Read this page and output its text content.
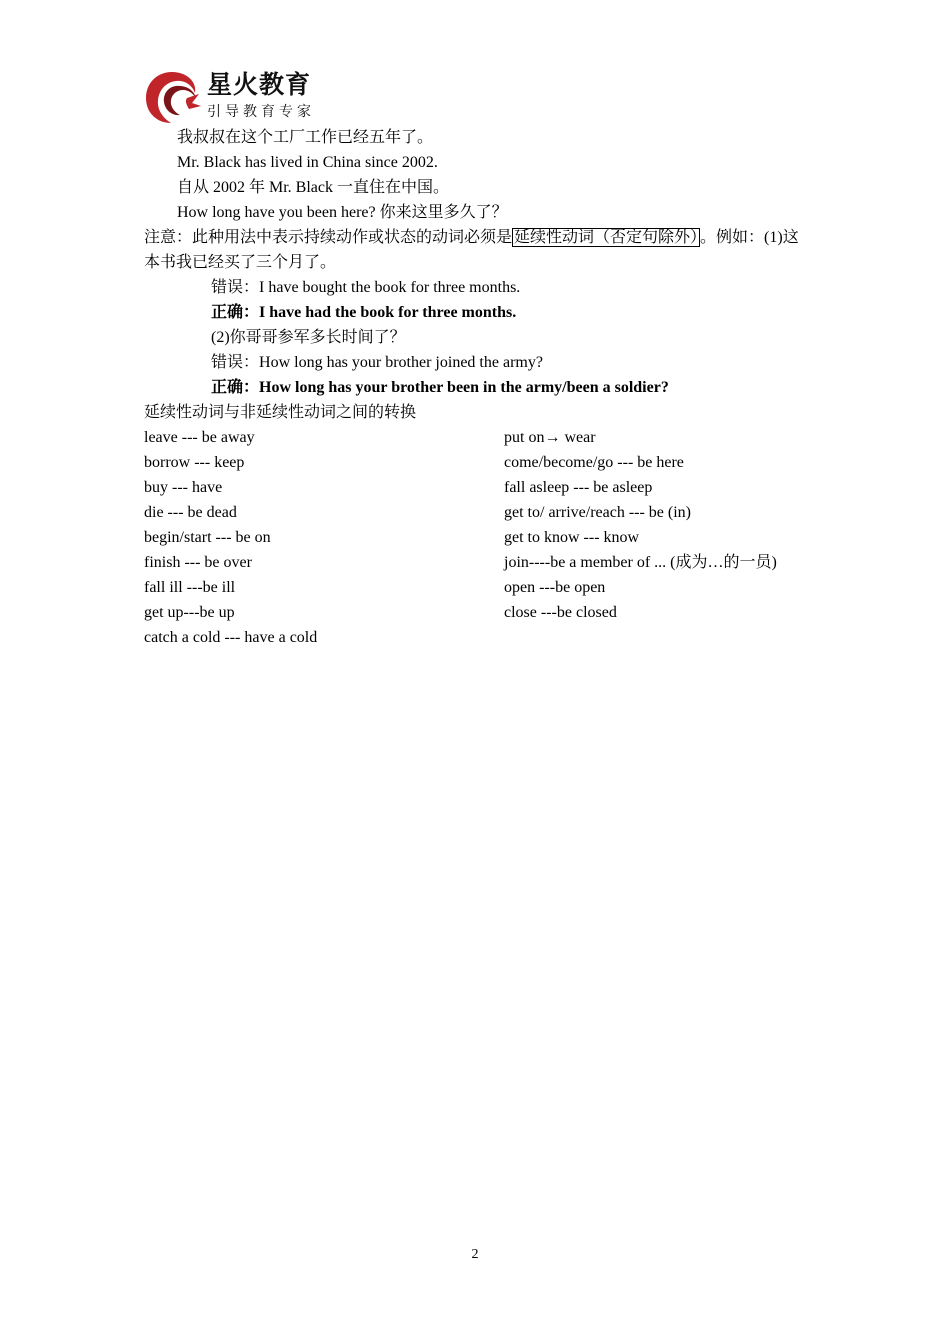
星火教育
引导教育专家
我叔叔在这个工厂工作已经五年了。
Mr. Black has lived in China since 2002.
自从 2002 年 Mr. Black 一直住在中国。
How long have you been here? 你来这里多久了？
注意：此种用法中表示持续动作或状态的动词必须是 延续性动词（否定句除外） 。例如：(1)这
本书我已经买了三个月了。
错误：I have bought the book for three months.
正确：I have had the book for three months.
(2)你哥哥参军多长时间了？
错误：How long has your brother joined the army?
正确：How long has your brother been in the army/been a soldier?
延续性动词与非延续性动词之间的转换
leave --- be away
borrow --- keep
buy --- have
die --- be dead
begin/start --- be on
finish --- be over
fall ill ---be ill
get up---be up
catch a cold --- have a cold
put on→ wear
come/become/go --- be here
fall asleep --- be asleep
get to/ arrive/reach --- be (in)
get to know --- know
join----be a member of ... (成为…的一员)
open ---be open
close ---be closed
2
